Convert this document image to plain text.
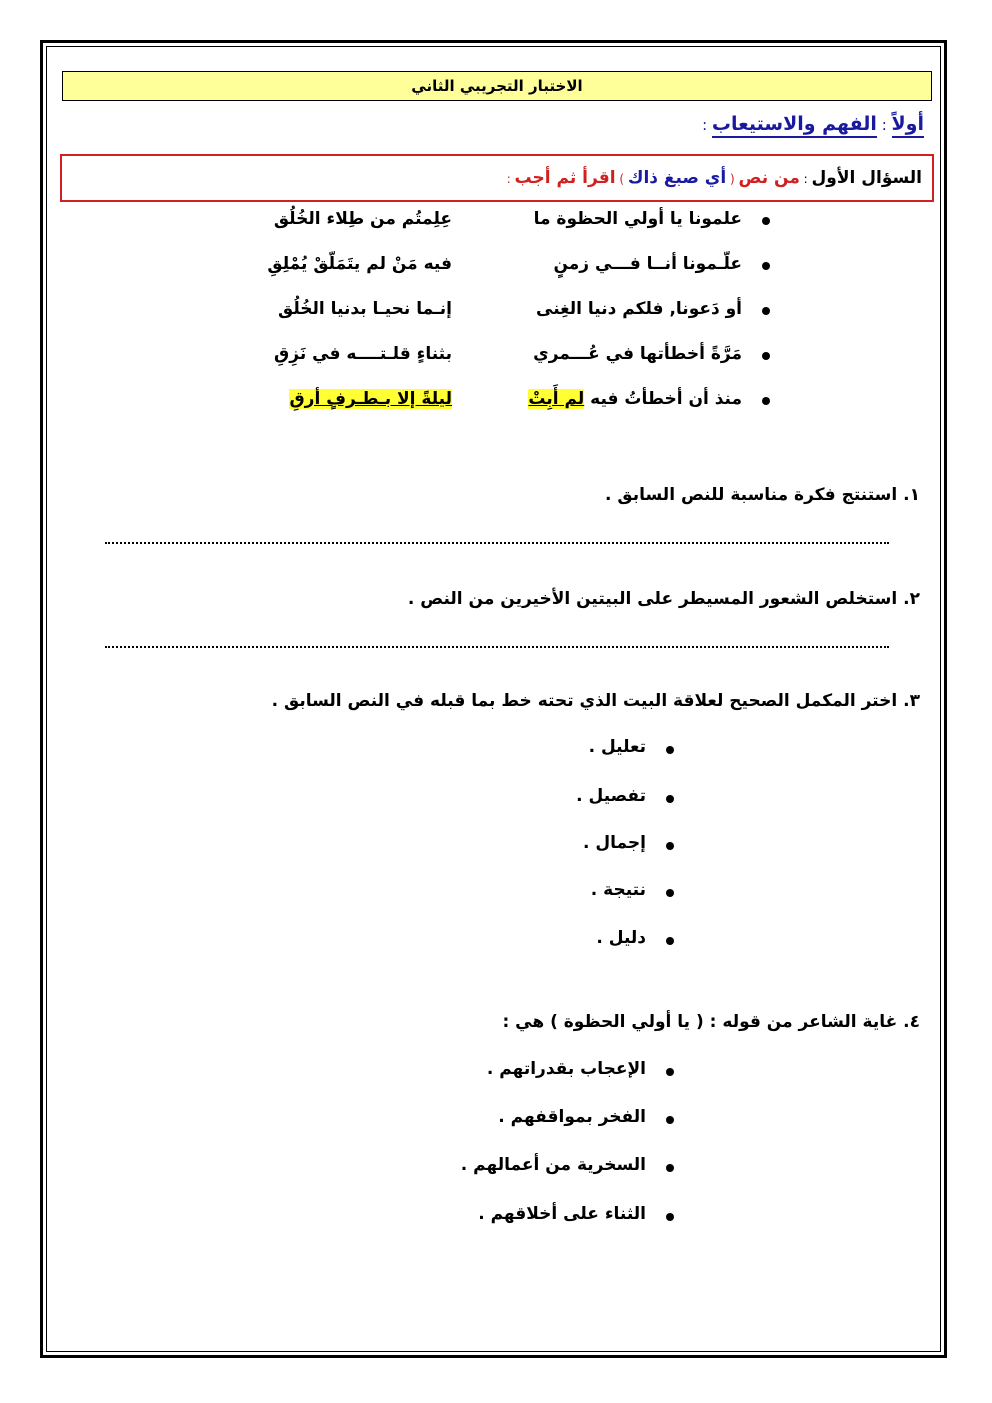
الاختبار التجريبي الثاني
أولاً : الفهم والاستيعاب :
السؤال الأول : من نص ( أي صبغ ذاك ) اقرأ ثم أجب :
علمونا يا أولي الحظوة ما
عِلِمتُم من طِلاء الخُلُق
علّـمونا أنــا فـــي زمنٍ
فيه مَنْ لم يتَمَلّقْ يُمْلِقِ
أو دَعونا, فلكم دنيا الغِنى
إنـما نحيـا بدنيا الخُلُق
مَرَّةً أخطأتها في عُـــمري
بثناءٍ قلـتــــه في نَزِقِ
منذ أن أخطأتُ فيه لم أَبِتْ
ليلةً إلا بـطـرفٍ أرقِ
١. استنتج فكرة مناسبة للنص السابق .
٢. استخلص الشعور المسيطر على البيتين الأخيرين من النص .
٣. اختر المكمل الصحيح لعلاقة البيت الذي تحته خط بما قبله في النص السابق .
تعليل .
تفصيل .
إجمال .
نتيجة .
دليل .
٤. غاية الشاعر من قوله : ( يا أولي الحظوة ) هي :
الإعجاب بقدراتهم .
الفخر بمواقفهم .
السخرية من أعمالهم .
الثناء على أخلاقهم .
